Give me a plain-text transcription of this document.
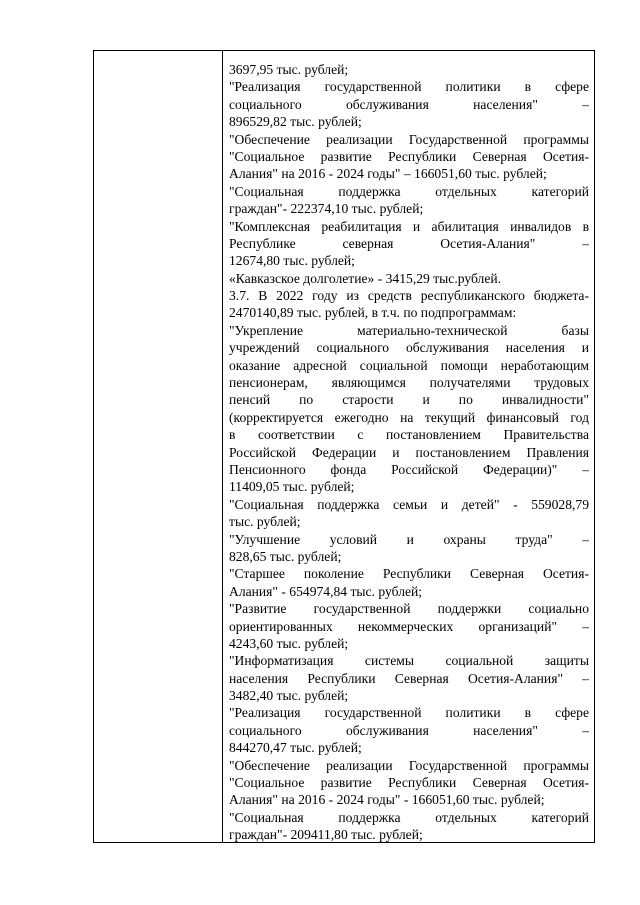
3697,95 тыс. рублей;
"Реализация государственной политики в сфере
социального обслуживания населения" –
896529,82 тыс. рублей;
"Обеспечение реализации Государственной программы
"Социальное развитие Республики Северная Осетия-
Алания" на 2016 - 2024 годы" – 166051,60 тыс. рублей;
"Социальная поддержка отдельных категорий
граждан"- 222374,10 тыс. рублей;
"Комплексная реабилитация и абилитация инвалидов в
Республике северная Осетия-Алания" –
12674,80 тыс. рублей;
«Кавказское долголетие» - 3415,29 тыс.рублей.
3.7. В 2022 году из средств республиканского бюджета-
2470140,89 тыс. рублей, в т.ч. по подпрограммам:
"Укрепление материально-технической базы
учреждений социального обслуживания населения и
оказание адресной социальной помощи неработающим
пенсионерам, являющимся получателями трудовых
пенсий по старости и по инвалидности"
(корректируется ежегодно на текущий финансовый год
в соответствии с постановлением Правительства
Российской Федерации и постановлением Правления
Пенсионного фонда Российской Федерации)" –
11409,05 тыс. рублей;
"Социальная поддержка семьи и детей" - 559028,79
тыс. рублей;
"Улучшение условий и охраны труда" –
828,65 тыс. рублей;
"Старшее поколение Республики Северная Осетия-
Алания" - 654974,84 тыс. рублей;
"Развитие государственной поддержки социально
ориентированных некоммерческих организаций" –
4243,60 тыс. рублей;
"Информатизация системы социальной защиты
населения Республики Северная Осетия-Алания" –
3482,40 тыс. рублей;
"Реализация государственной политики в сфере
социального обслуживания населения" –
844270,47 тыс. рублей;
"Обеспечение реализации Государственной программы
"Социальное развитие Республики Северная Осетия-
Алания" на 2016 - 2024 годы" - 166051,60 тыс. рублей;
"Социальная поддержка отдельных категорий
граждан"- 209411,80 тыс. рублей;
